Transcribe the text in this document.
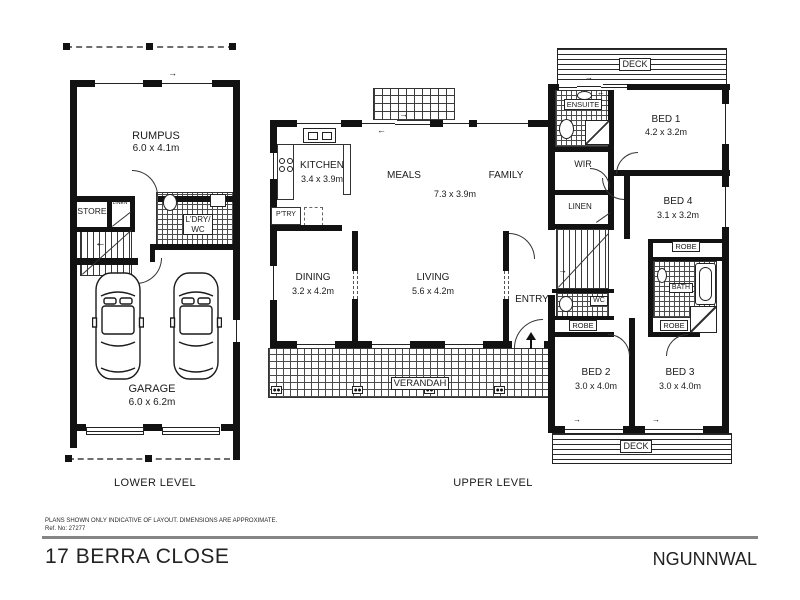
→
RUMPUS
6.0 x 4.1m
STORE
LINEN
L'DRY/
WC
←
GARAGE
6.0 x 6.2m
LOWER LEVEL
→
←
KITCHEN
3.4 x 3.9m
P'TRY
←
MEALS	FAMILY
7.3 x 3.9m
DINING
3.2 x 4.2m
LIVING
5.6 x 4.2m
ENTRY
VERANDAH
DECK
→
←
ENSUITE
WIR
LINEN
→
WC
ROBE
BED 2
3.0 x 4.0m
BED 3
3.0 x 4.0m
ROBE
ROBE
BATH
BED 4
3.1 x 3.2m
BED 1
4.2 x 3.2m
→	→
DECK
UPPER LEVEL
PLANS SHOWN ONLY INDICATIVE OF LAYOUT. DIMENSIONS ARE APPROXIMATE.
Ref. No: 27277
17 BERRA CLOSE	NGUNNWAL
